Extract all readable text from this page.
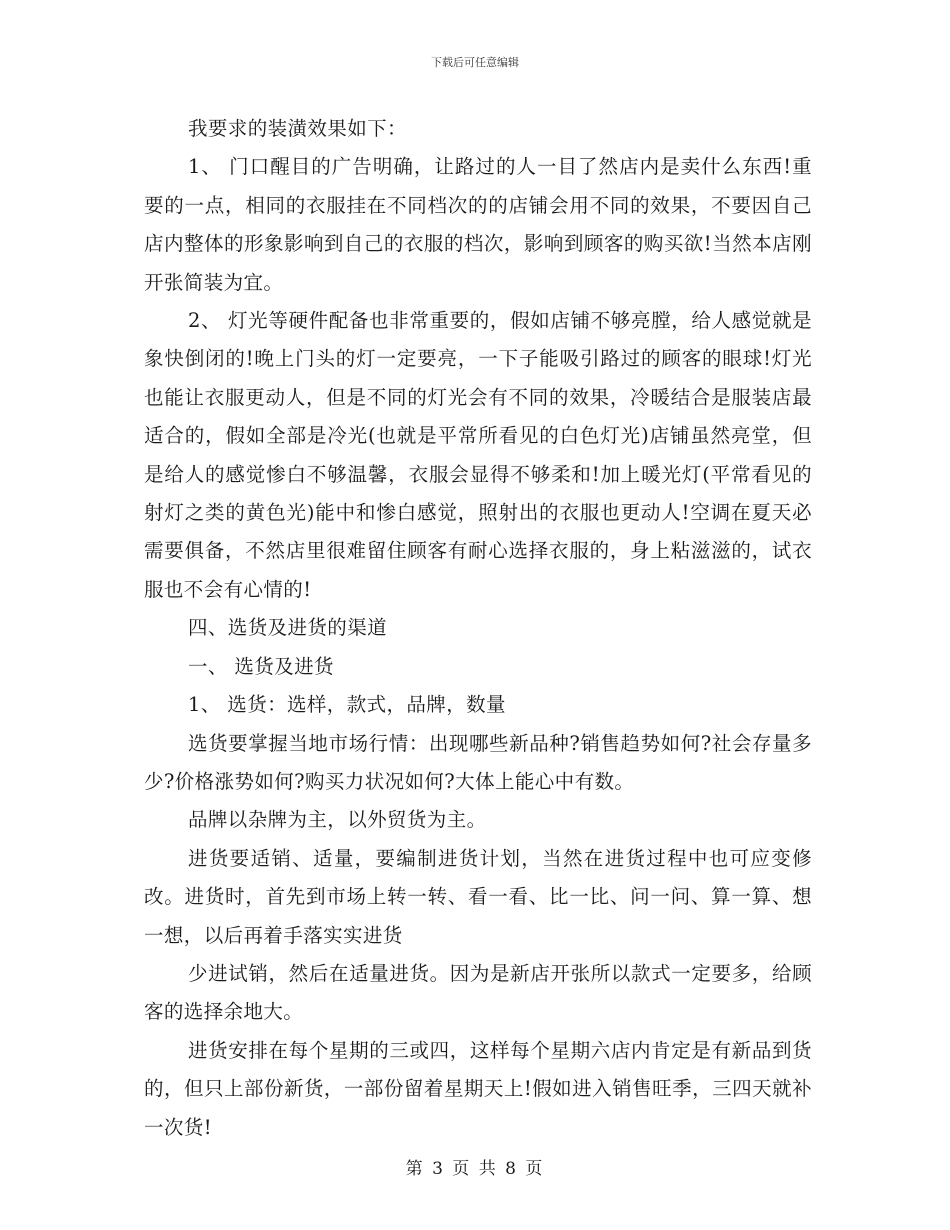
下载后可任意编辑

我要求的装潢效果如下：

1、 门口醒目的广告明确，让路过的人一目了然店内是卖什么东西!重要的一点，相同的衣服挂在不同档次的的店铺会用不同的效果，不要因自己店内整体的形象影响到自己的衣服的档次，影响到顾客的购买欲!当然本店刚开张简装为宜。

2、 灯光等硬件配备也非常重要的，假如店铺不够亮膛，给人感觉就是象快倒闭的!晚上门头的灯一定要亮，一下子能吸引路过的顾客的眼球!灯光也能让衣服更动人，但是不同的灯光会有不同的效果，冷暖结合是服装店最适合的，假如全部是冷光(也就是平常所看见的白色灯光)店铺虽然亮堂，但是给人的感觉惨白不够温馨，衣服会显得不够柔和!加上暖光灯(平常看见的射灯之类的黄色光)能中和惨白感觉，照射出的衣服也更动人!空调在夏天必需要俱备，不然店里很难留住顾客有耐心选择衣服的，身上粘滋滋的，试衣服也不会有心情的!

四、选货及进货的渠道

一、 选货及进货

1、 选货：选样，款式，品牌，数量

选货要掌握当地市场行情：出现哪些新品种?销售趋势如何?社会存量多少?价格涨势如何?购买力状况如何?大体上能心中有数。

品牌以杂牌为主，以外贸货为主。

进货要适销、适量，要编制进货计划，当然在进货过程中也可应变修改。进货时，首先到市场上转一转、看一看、比一比、问一问、算一算、想一想，以后再着手落实实进货

少进试销，然后在适量进货。因为是新店开张所以款式一定要多，给顾客的选择余地大。

进货安排在每个星期的三或四，这样每个星期六店内肯定是有新品到货的，但只上部份新货，一部份留着星期天上!假如进入销售旺季，三四天就补一次货!

第 3 页 共 8 页
